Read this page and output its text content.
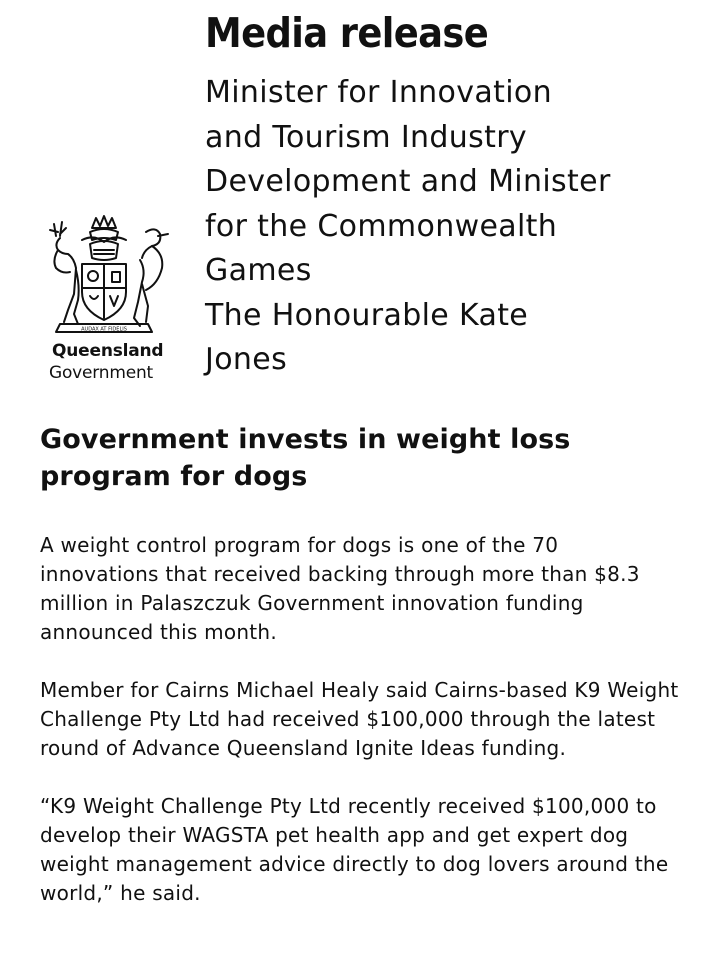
AUDAX AT FIDELIS
Queensland
Government
Media release
Minister for Innovation
and Tourism Industry
Development and Minister
for the Commonwealth
Games
The Honourable Kate
Jones
Government invests in weight loss program for dogs

A weight control program for dogs is one of the 70 innovations that received backing through more than $8.3 million in Palaszczuk Government innovation funding announced this month.

Member for Cairns Michael Healy said Cairns-based K9 Weight Challenge Pty Ltd had received $100,000 through the latest round of Advance Queensland Ignite Ideas funding.

“K9 Weight Challenge Pty Ltd recently received $100,000 to develop their WAGSTA pet health app and get expert dog weight management advice directly to dog lovers around the world,” he said.
